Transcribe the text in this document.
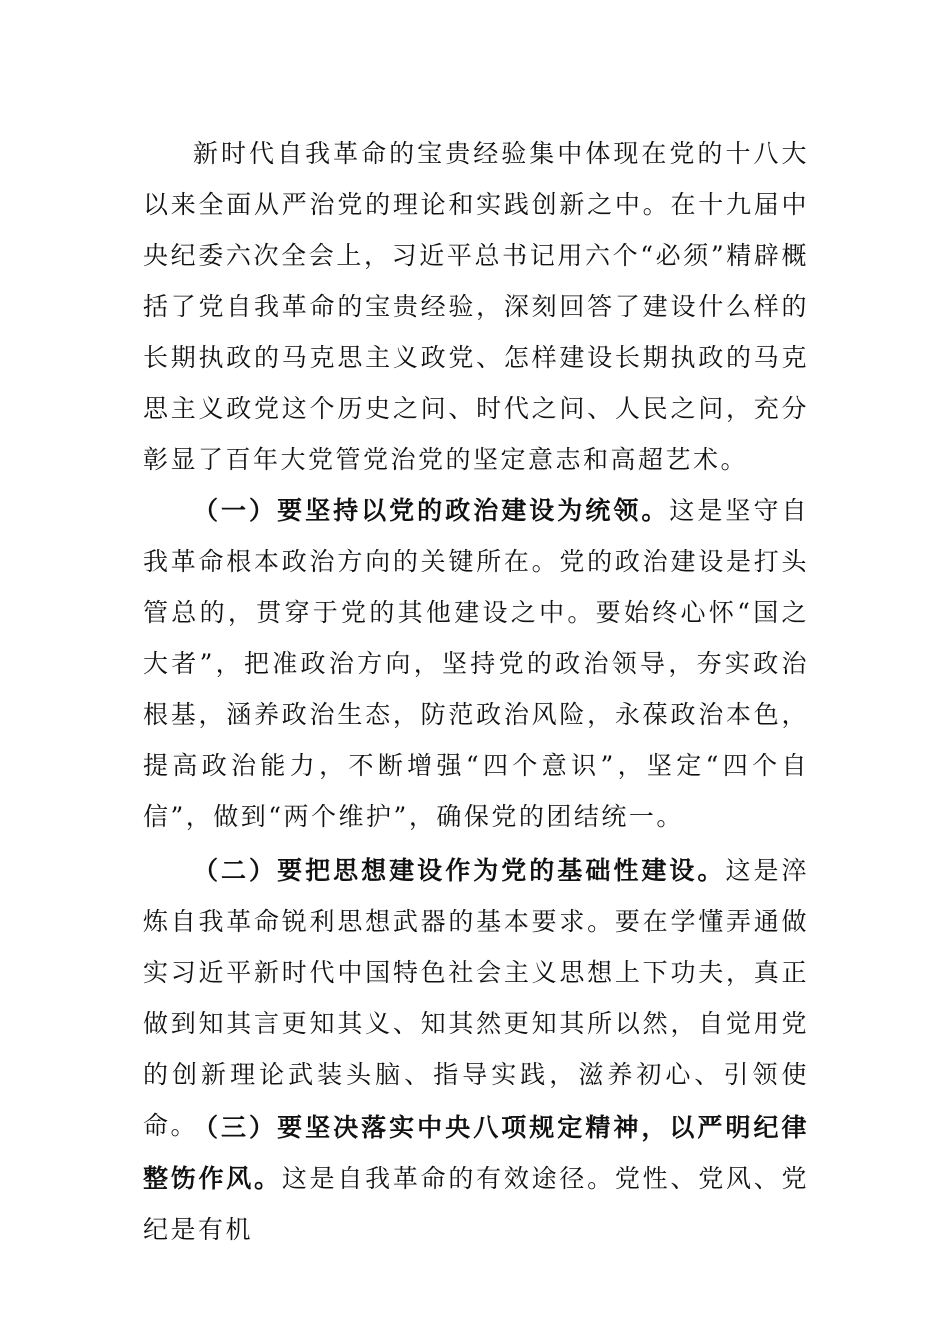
新时代自我革命的宝贵经验集中体现在党的十八大以来全面从严治党的理论和实践创新之中。在十九届中央纪委六次全会上，习近平总书记用六个“必须”精辟概括了党自我革命的宝贵经验，深刻回答了建设什么样的长期执政的马克思主义政党、怎样建设长期执政的马克思主义政党这个历史之问、时代之问、人民之问，充分彰显了百年大党管党治党的坚定意志和高超艺术。

（一）要坚持以党的政治建设为统领。这是坚守自我革命根本政治方向的关键所在。党的政治建设是打头管总的，贯穿于党的其他建设之中。要始终心怀“国之大者”，把准政治方向，坚持党的政治领导，夯实政治根基，涵养政治生态，防范政治风险，永葆政治本色，提高政治能力，不断增强“四个意识”，坚定“四个自信”，做到“两个维护”，确保党的团结统一。

（二）要把思想建设作为党的基础性建设。这是淬炼自我革命锐利思想武器的基本要求。要在学懂弄通做实习近平新时代中国特色社会主义思想上下功夫，真正做到知其言更知其义、知其然更知其所以然，自觉用党的创新理论武装头脑、指导实践，滋养初心、引领使命。

（三）要坚决落实中央八项规定精神，以严明纪律整饬作风。这是自我革命的有效途径。党性、党风、党纪是有机
